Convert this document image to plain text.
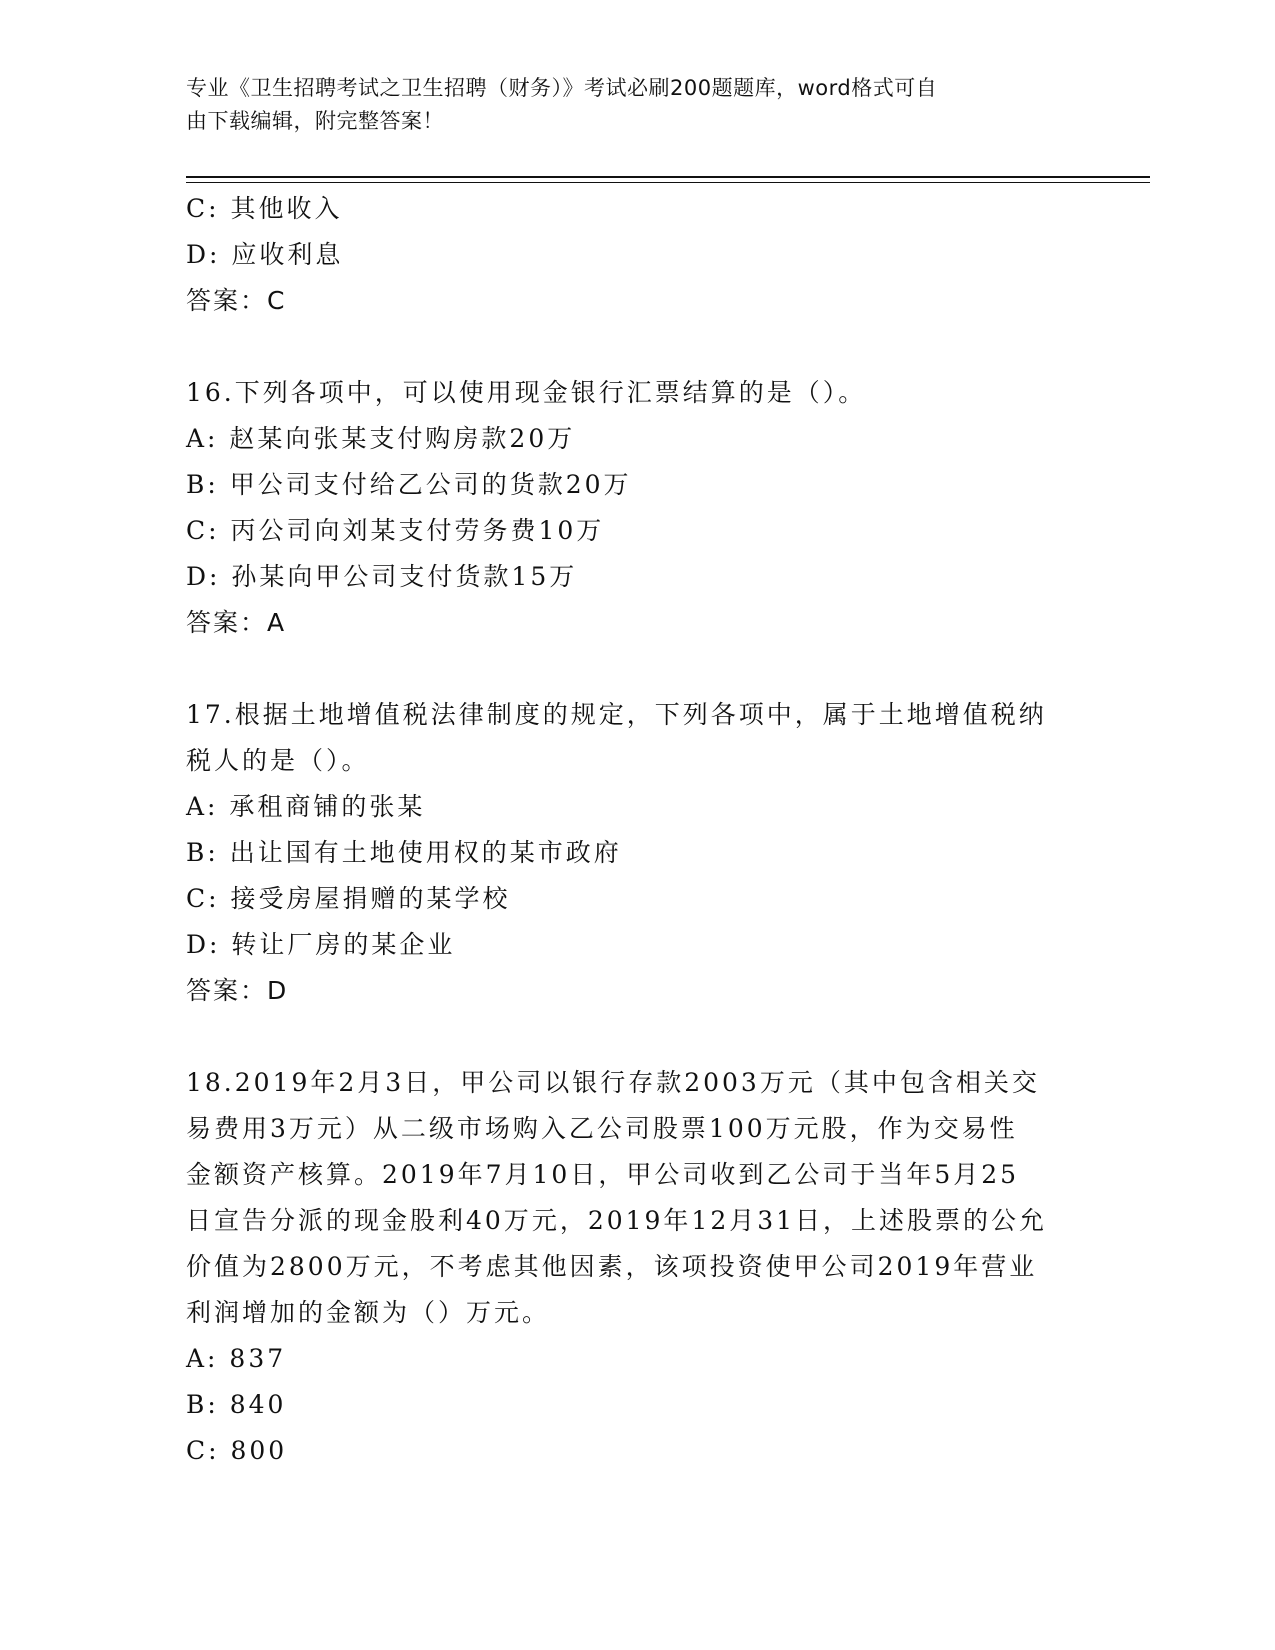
专业《卫生招聘考试之卫生招聘（财务）》考试必刷200题题库，word格式可自
由下载编辑，附完整答案！
C: 其他收入
D: 应收利息
答案：C
16.下列各项中，可以使用现金银行汇票结算的是（）。
A: 赵某向张某支付购房款20万
B: 甲公司支付给乙公司的货款20万
C: 丙公司向刘某支付劳务费10万
D: 孙某向甲公司支付货款15万
答案：A
17.根据土地增值税法律制度的规定，下列各项中，属于土地增值税纳
税人的是（）。
A: 承租商铺的张某
B: 出让国有土地使用权的某市政府
C: 接受房屋捐赠的某学校
D: 转让厂房的某企业
答案：D
18.2019年2月3日，甲公司以银行存款2003万元（其中包含相关交
易费用3万元）从二级市场购入乙公司股票100万元股，作为交易性
金额资产核算。2019年7月10日，甲公司收到乙公司于当年5月25
日宣告分派的现金股利40万元，2019年12月31日，上述股票的公允
价值为2800万元，不考虑其他因素，该项投资使甲公司2019年营业
利润增加的金额为（）万元。
A: 837
B: 840
C: 800
